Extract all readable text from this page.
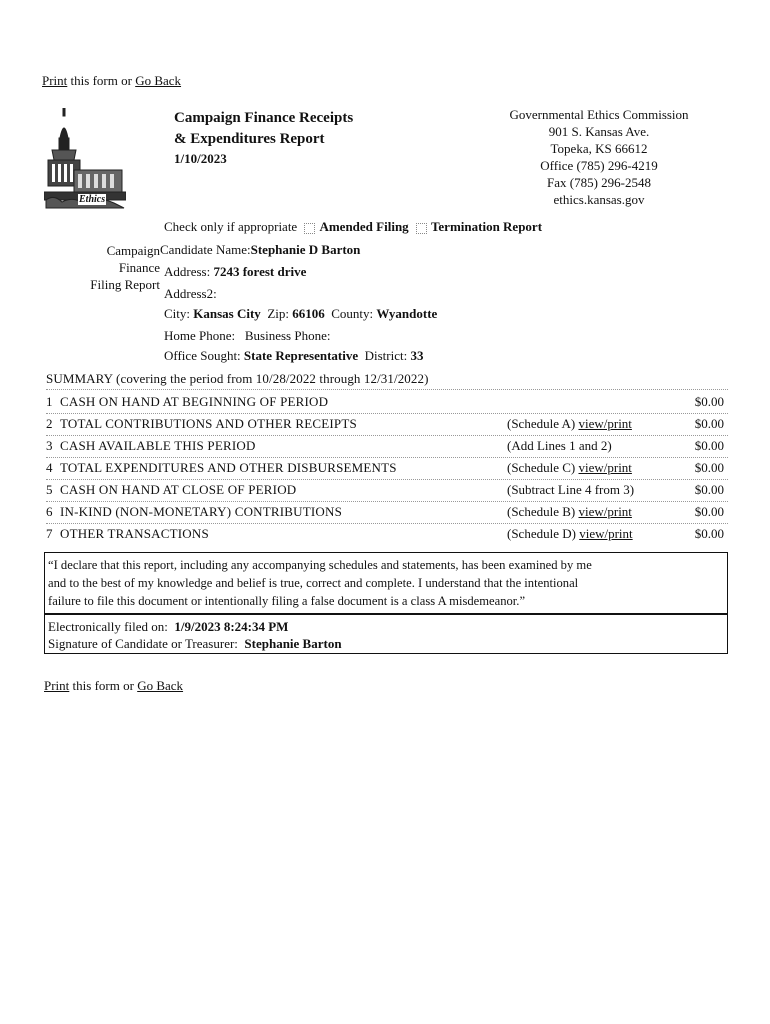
Print this form or Go Back
Ethics
Campaign Finance Receipts
& Expenditures Report
1/10/2023
Governmental Ethics Commission
901 S. Kansas Ave.
Topeka, KS 66612
Office (785) 296-4219
Fax (785) 296-2548
ethics.kansas.gov
Check only if appropriate Amended Filing Termination Report
Campaign
Finance
Filing Report
Candidate Name:Stephanie D Barton
Address: 7243 forest drive
Address2:
City: Kansas City Zip: 66106 County: Wyandotte
Home Phone: Business Phone:
Office Sought: State Representative District: 33
SUMMARY (covering the period from 10/28/2022 through 12/31/2022)
1 CASH ON HAND AT BEGINNING OF PERIOD	$0.00
2 TOTAL CONTRIBUTIONS AND OTHER RECEIPTS	(Schedule A) view/print	$0.00
3 CASH AVAILABLE THIS PERIOD	(Add Lines 1 and 2)	$0.00
4 TOTAL EXPENDITURES AND OTHER DISBURSEMENTS	(Schedule C) view/print	$0.00
5 CASH ON HAND AT CLOSE OF PERIOD	(Subtract Line 4 from 3)	$0.00
6 IN-KIND (NON-MONETARY) CONTRIBUTIONS	(Schedule B) view/print	$0.00
7 OTHER TRANSACTIONS	(Schedule D) view/print	$0.00
“I declare that this report, including any accompanying schedules and statements, has been examined by me
and to the best of my knowledge and belief is true, correct and complete. I understand that the intentional
failure to file this document or intentionally filing a false document is a class A misdemeanor.”
Electronically filed on: 1/9/2023 8:24:34 PM
Signature of Candidate or Treasurer: Stephanie Barton
Print this form or Go Back
